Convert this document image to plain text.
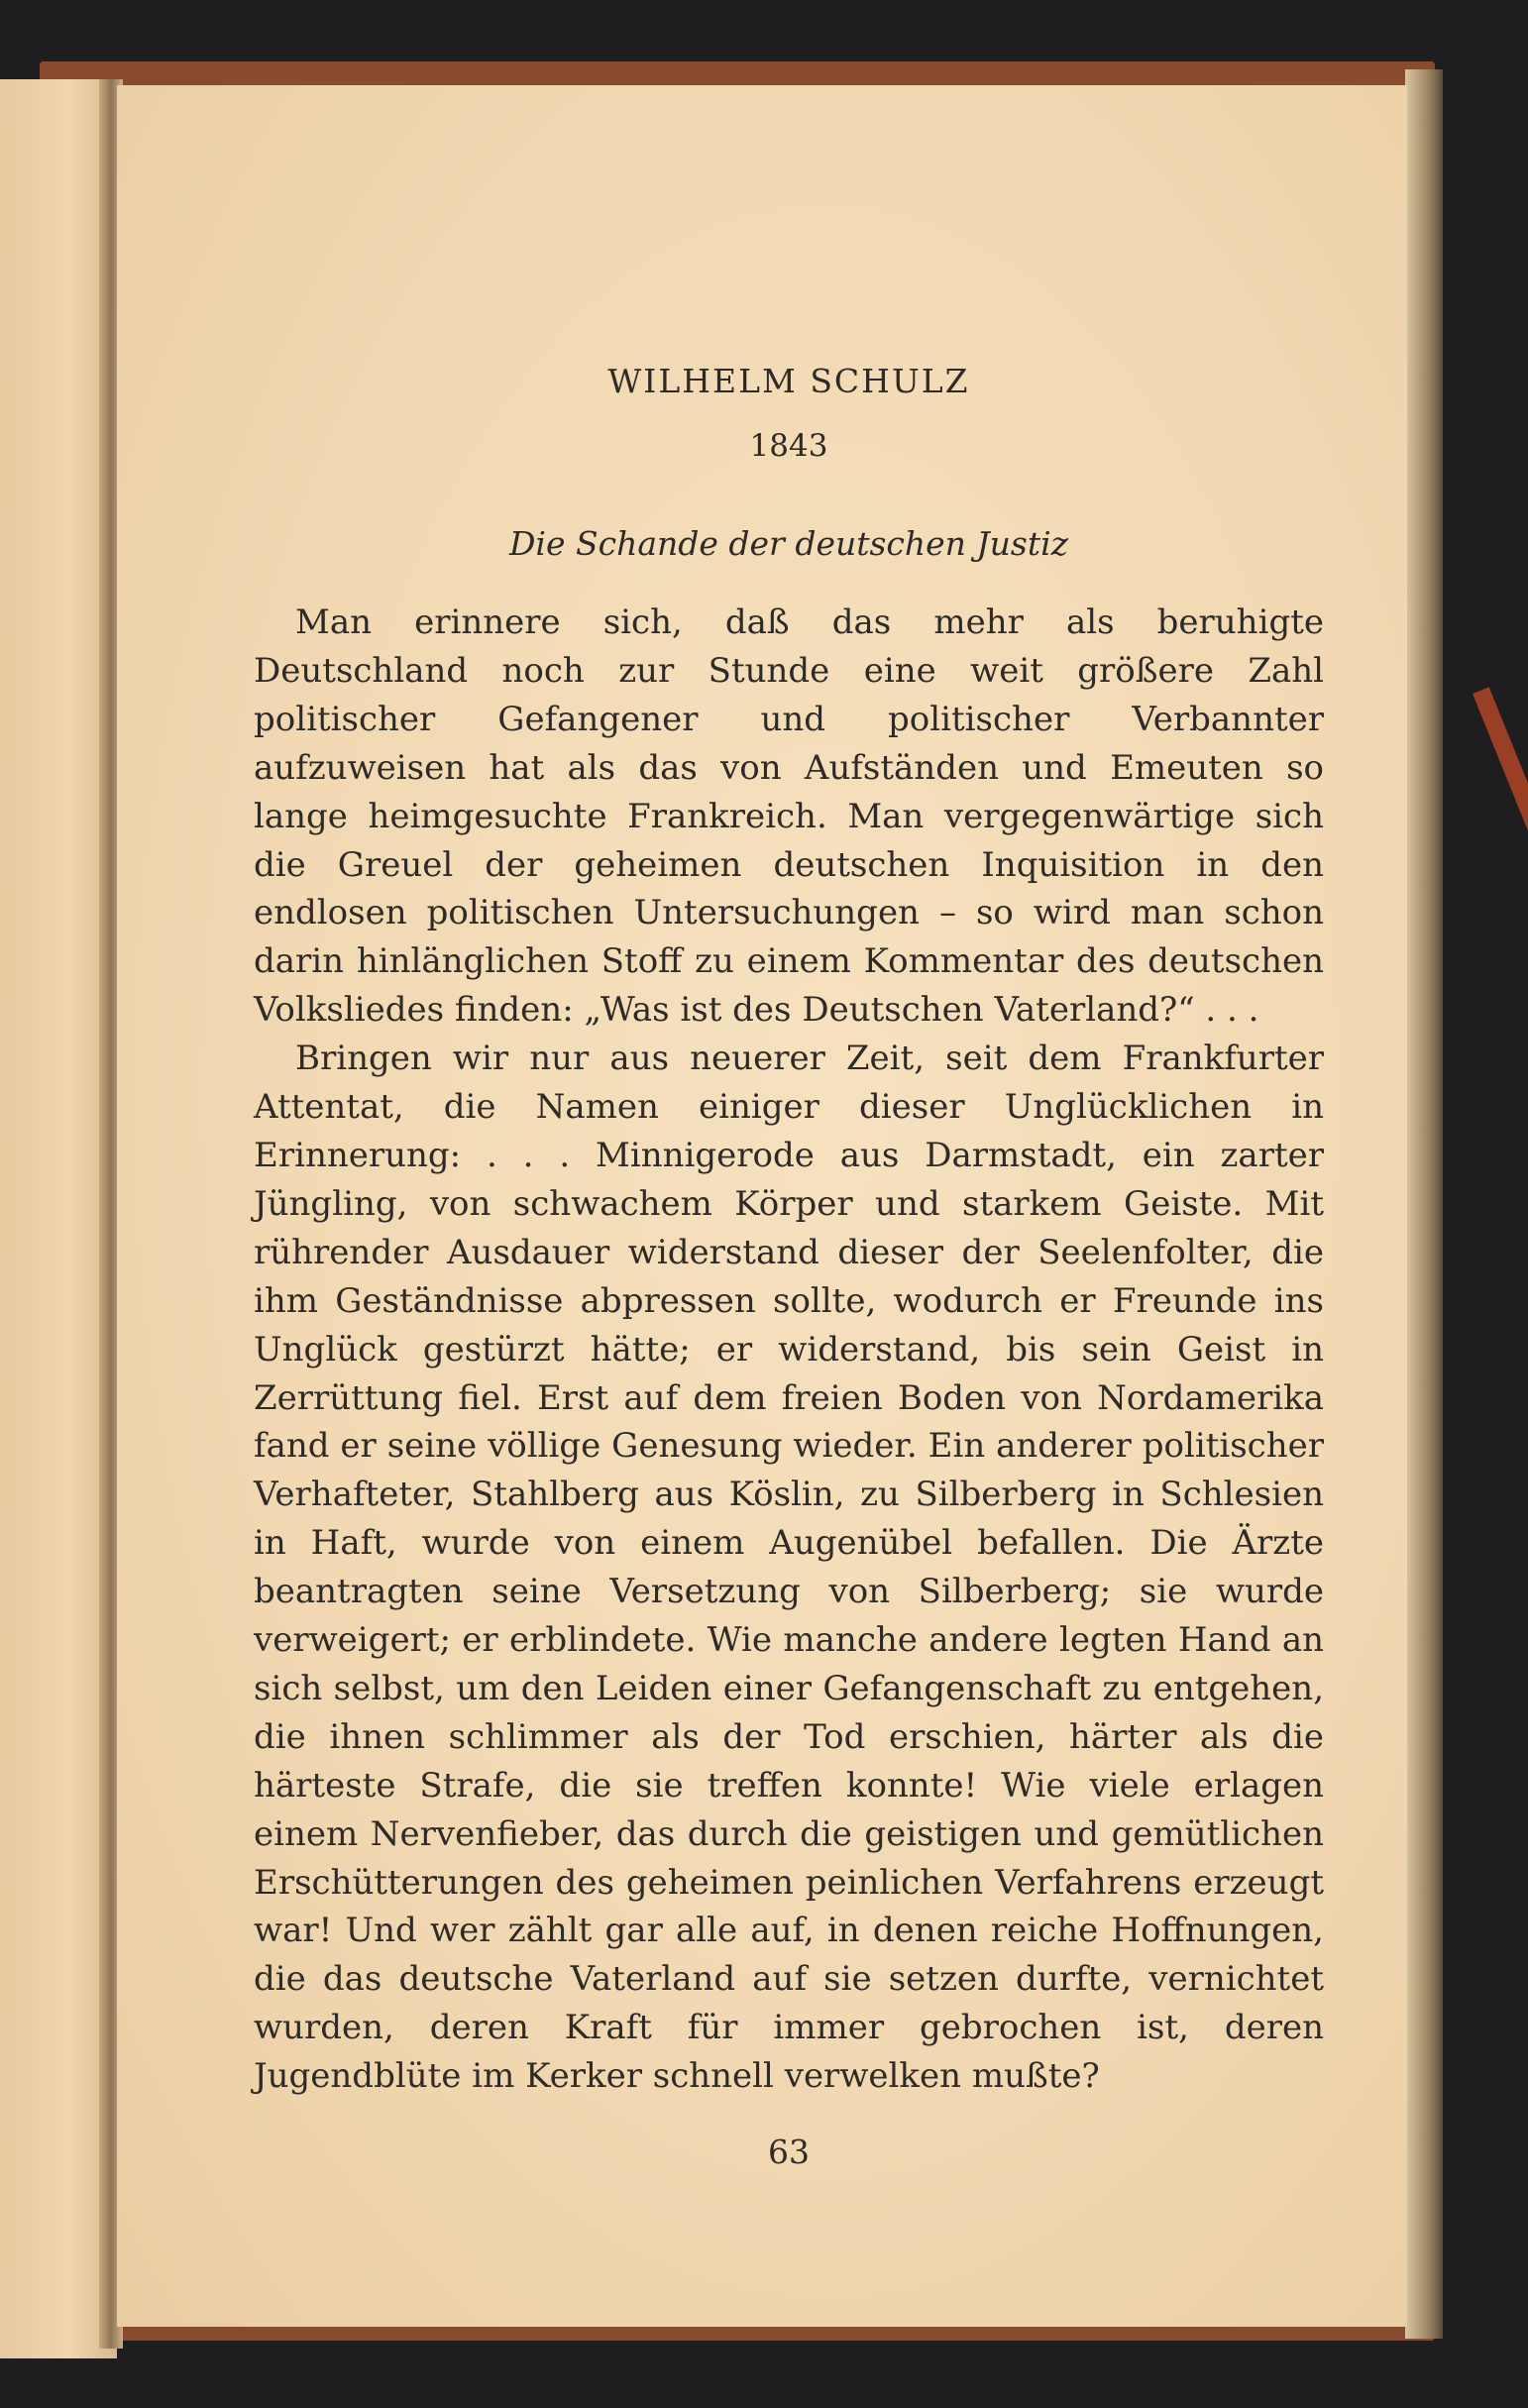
WILHELM SCHULZ
1843
Die Schande der deutschen Justiz

Man erinnere sich, daß das mehr als beruhigte Deutschland noch zur Stunde eine weit größere Zahl politischer Gefangener und politischer Verbannter aufzuweisen hat als das von Aufständen und Emeuten so lange heimgesuchte Frankreich. Man vergegenwärtige sich die Greuel der geheimen deutschen Inquisition in den endlosen politischen Untersuchungen – so wird man schon darin hinlänglichen Stoff zu einem Kommentar des deutschen Volksliedes finden: „Was ist des Deutschen Vaterland?“ . . .

Bringen wir nur aus neuerer Zeit, seit dem Frankfurter Attentat, die Namen einiger dieser Unglücklichen in Erinnerung: . . . Minnigerode aus Darmstadt, ein zarter Jüngling, von schwachem Körper und starkem Geiste. Mit rührender Ausdauer widerstand dieser der Seelenfolter, die ihm Geständnisse abpressen sollte, wodurch er Freunde ins Unglück gestürzt hätte; er widerstand, bis sein Geist in Zerrüttung fiel. Erst auf dem freien Boden von Nordamerika fand er seine völlige Genesung wieder. Ein anderer politischer Verhafteter, Stahlberg aus Köslin, zu Silberberg in Schlesien in Haft, wurde von einem Augenübel befallen. Die Ärzte beantragten seine Versetzung von Silberberg; sie wurde verweigert; er erblindete. Wie manche andere legten Hand an sich selbst, um den Leiden einer Gefangenschaft zu entgehen, die ihnen schlimmer als der Tod erschien, härter als die härteste Strafe, die sie treffen konnte! Wie viele erlagen einem Nervenfieber, das durch die geistigen und gemütlichen Erschütterungen des geheimen peinlichen Verfahrens erzeugt war! Und wer zählt gar alle auf, in denen reiche Hoffnungen, die das deutsche Vaterland auf sie setzen durfte, vernichtet wurden, deren Kraft für immer gebrochen ist, deren Jugendblüte im Kerker schnell verwelken mußte?

63
